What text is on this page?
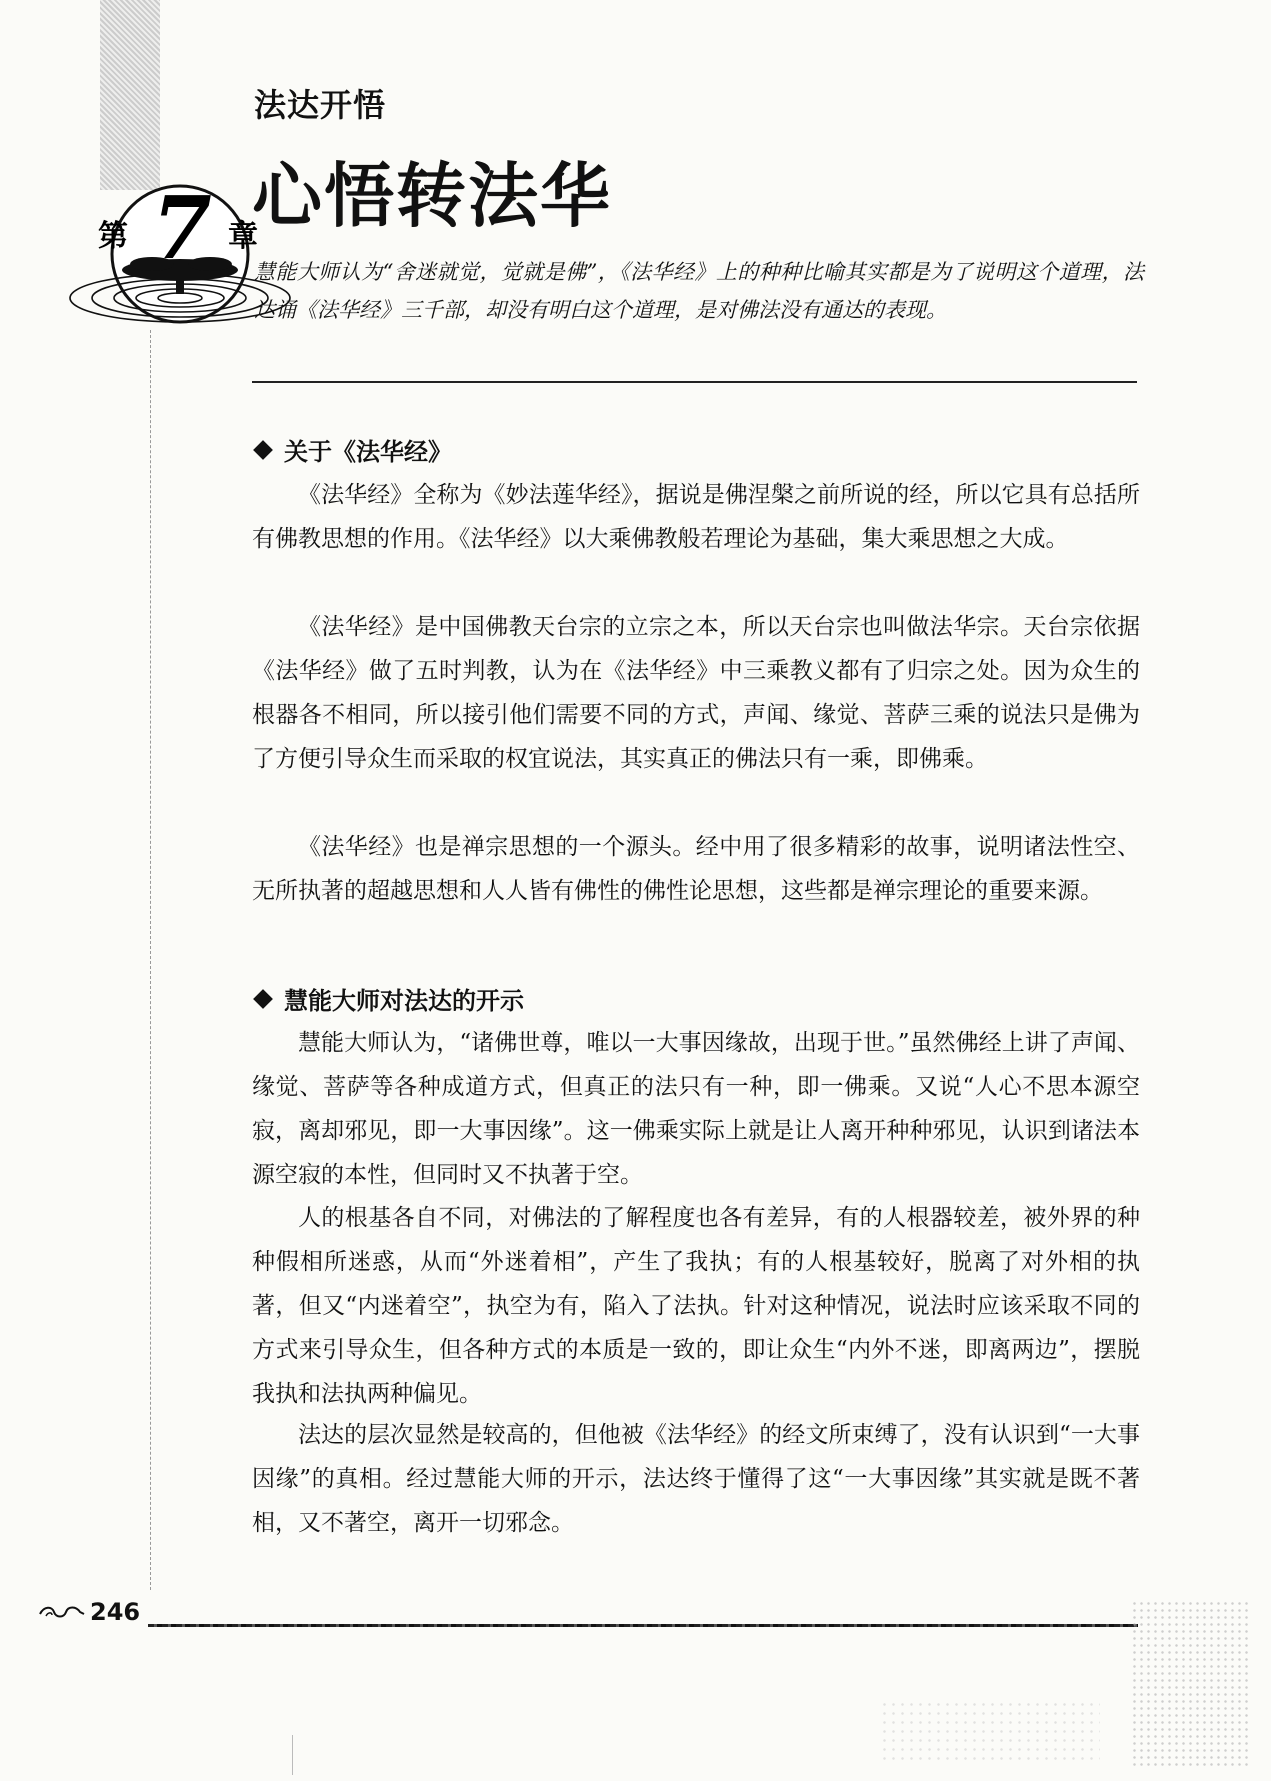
第 7 章
法达开悟
心悟转法华
慧能大师认为“舍迷就觉，觉就是佛”，《法华经》上的种种比喻其实都是为了说明这个道理，法达诵《法华经》三千部，却没有明白这个道理，是对佛法没有通达的表现。
关于《法华经》
《法华经》全称为《妙法莲华经》，据说是佛涅槃之前所说的经，所以它具有总括所有佛教思想的作用。《法华经》以大乘佛教般若理论为基础，集大乘思想之大成。
《法华经》是中国佛教天台宗的立宗之本，所以天台宗也叫做法华宗。天台宗依据《法华经》做了五时判教，认为在《法华经》中三乘教义都有了归宗之处。因为众生的根器各不相同，所以接引他们需要不同的方式，声闻、缘觉、菩萨三乘的说法只是佛为了方便引导众生而采取的权宜说法，其实真正的佛法只有一乘，即佛乘。
《法华经》也是禅宗思想的一个源头。经中用了很多精彩的故事，说明诸法性空、无所执著的超越思想和人人皆有佛性的佛性论思想，这些都是禅宗理论的重要来源。
慧能大师对法达的开示
慧能大师认为，“诸佛世尊，唯以一大事因缘故，出现于世。”虽然佛经上讲了声闻、缘觉、菩萨等各种成道方式，但真正的法只有一种，即一佛乘。又说“人心不思本源空寂，离却邪见，即一大事因缘”。这一佛乘实际上就是让人离开种种邪见，认识到诸法本源空寂的本性，但同时又不执著于空。
人的根基各自不同，对佛法的了解程度也各有差异，有的人根器较差，被外界的种种假相所迷惑，从而“外迷着相”，产生了我执；有的人根基较好，脱离了对外相的执著，但又“内迷着空”，执空为有，陷入了法执。针对这种情况，说法时应该采取不同的方式来引导众生，但各种方式的本质是一致的，即让众生“内外不迷，即离两边”，摆脱我执和法执两种偏见。
法达的层次显然是较高的，但他被《法华经》的经文所束缚了，没有认识到“一大事因缘”的真相。经过慧能大师的开示，法达终于懂得了这“一大事因缘”其实就是既不著相，又不著空，离开一切邪念。
246
